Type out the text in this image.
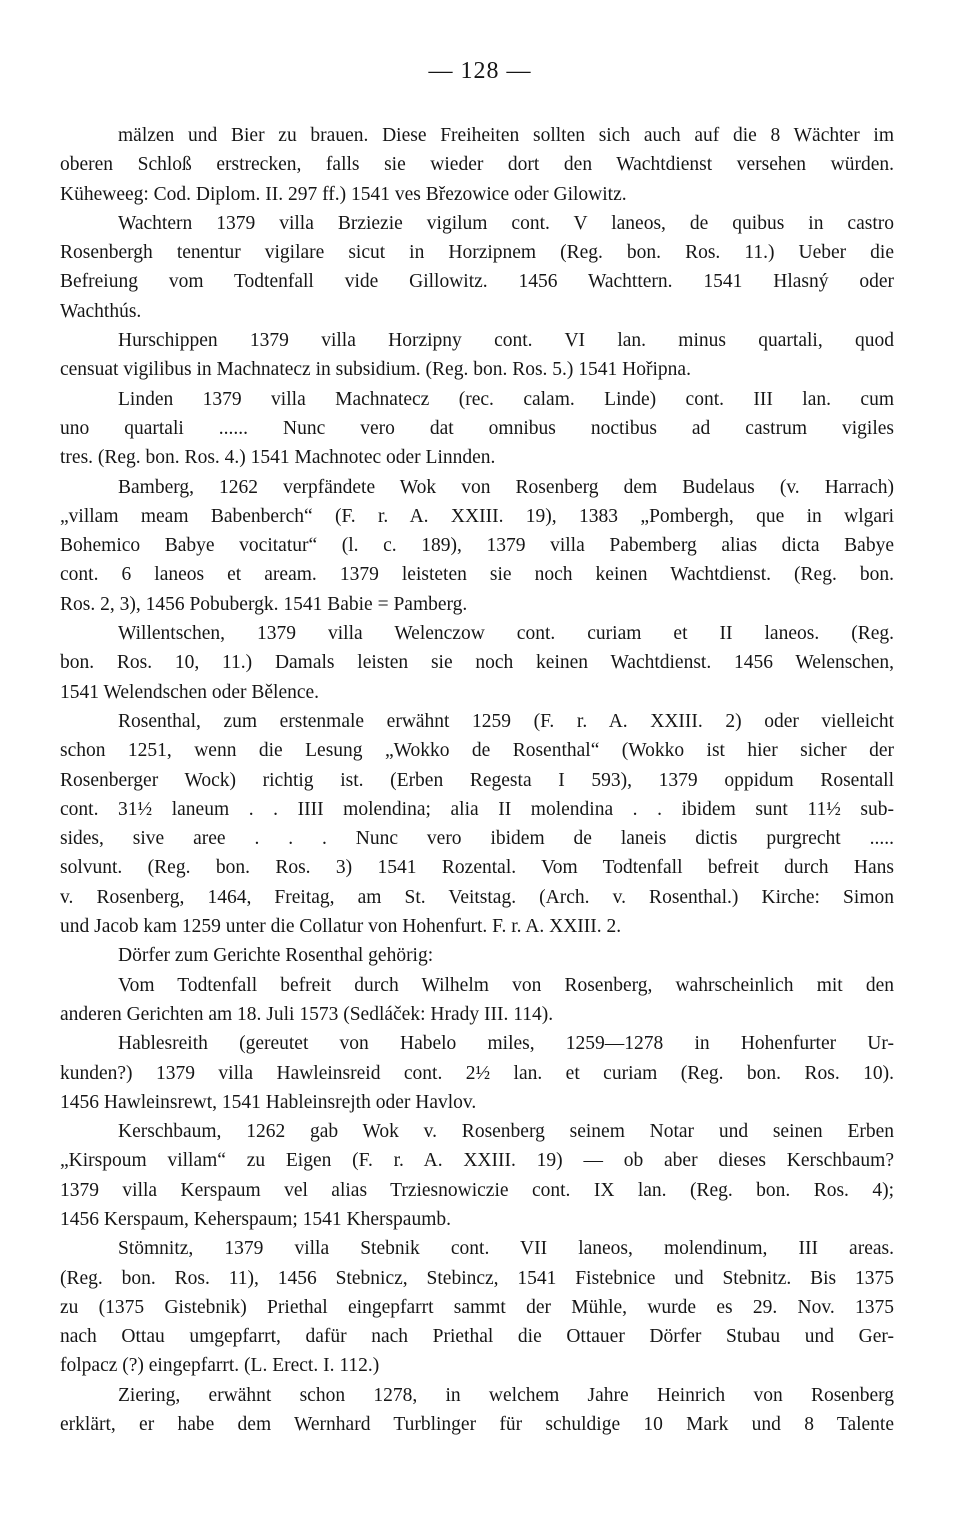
— 128 —
mälzen und Bier zu brauen. Diese Freiheiten sollten sich auch auf die 8 Wächter im
oberen Schloß erstrecken, falls sie wieder dort den Wachtdienst versehen würden.
Küheweeg: Cod. Diplom. II. 297 ff.) 1541 ves Březowice oder Gilowitz.
Wachtern 1379 villa Brziezie vigilum cont. V laneos, de quibus in castro
Rosenbergh tenentur vigilare sicut in Horzipnem (Reg. bon. Ros. 11.) Ueber die
Befreiung vom Todtenfall vide Gillowitz. 1456 Wachttern. 1541 Hlasný oder
Wachthús.
Hurschippen 1379 villa Horzipny cont. VI lan. minus quartali, quod
censuat vigilibus in Machnatecz in subsidium. (Reg. bon. Ros. 5.) 1541 Hořipna.
Linden 1379 villa Machnatecz (rec. calam. Linde) cont. III lan. cum
uno quartali ...... Nunc vero dat omnibus noctibus ad castrum vigiles
tres. (Reg. bon. Ros. 4.) 1541 Machnotec oder Linnden.
Bamberg, 1262 verpfändete Wok von Rosenberg dem Budelaus (v. Harrach)
„villam meam Babenberch“ (F. r. A. XXIII. 19), 1383 „Pombergh, que in wlgari
Bohemico Babye vocitatur“ (l. c. 189), 1379 villa Pabemberg alias dicta Babye
cont. 6 laneos et aream. 1379 leisteten sie noch keinen Wachtdienst. (Reg. bon.
Ros. 2, 3), 1456 Pobubergk. 1541 Babie = Pamberg.
Willentschen, 1379 villa Welenczow cont. curiam et II laneos. (Reg.
bon. Ros. 10, 11.) Damals leisten sie noch keinen Wachtdienst. 1456 Welenschen,
1541 Welendschen oder Bělence.
Rosenthal, zum erstenmale erwähnt 1259 (F. r. A. XXIII. 2) oder vielleicht
schon 1251, wenn die Lesung „Wokko de Rosenthal“ (Wokko ist hier sicher der
Rosenberger Wock) richtig ist. (Erben Regesta I 593), 1379 oppidum Rosentall
cont. 31½ laneum . . IIII molendina; alia II molendina . . ibidem sunt 11½ sub-
sides, sive aree . . . Nunc vero ibidem de laneis dictis purgrecht .....
solvunt. (Reg. bon. Ros. 3) 1541 Rozental. Vom Todtenfall befreit durch Hans
v. Rosenberg, 1464, Freitag, am St. Veitstag. (Arch. v. Rosenthal.) Kirche: Simon
und Jacob kam 1259 unter die Collatur von Hohenfurt. F. r. A. XXIII. 2.
Dörfer zum Gerichte Rosenthal gehörig:
Vom Todtenfall befreit durch Wilhelm von Rosenberg, wahrscheinlich mit den
anderen Gerichten am 18. Juli 1573 (Sedláček: Hrady III. 114).
Hablesreith (gereutet von Habelo miles, 1259—1278 in Hohenfurter Ur-
kunden?) 1379 villa Hawleinsreid cont. 2½ lan. et curiam (Reg. bon. Ros. 10).
1456 Hawleinsrewt, 1541 Hableinsrejth oder Havlov.
Kerschbaum, 1262 gab Wok v. Rosenberg seinem Notar und seinen Erben
„Kirspoum villam“ zu Eigen (F. r. A. XXIII. 19) — ob aber dieses Kerschbaum?
1379 villa Kerspaum vel alias Trziesnowiczie cont. IX lan. (Reg. bon. Ros. 4);
1456 Kerspaum, Keherspaum; 1541 Kherspaumb.
Stömnitz, 1379 villa Stebnik cont. VII laneos, molendinum, III areas.
(Reg. bon. Ros. 11), 1456 Stebnicz, Stebincz, 1541 Fistebnice und Stebnitz. Bis 1375
zu (1375 Gistebnik) Priethal eingepfarrt sammt der Mühle, wurde es 29. Nov. 1375
nach Ottau umgepfarrt, dafür nach Priethal die Ottauer Dörfer Stubau und Ger-
folpacz (?) eingepfarrt. (L. Erect. I. 112.)
Ziering, erwähnt schon 1278, in welchem Jahre Heinrich von Rosenberg
erklärt, er habe dem Wernhard Turblinger für schuldige 10 Mark und 8 Talente
